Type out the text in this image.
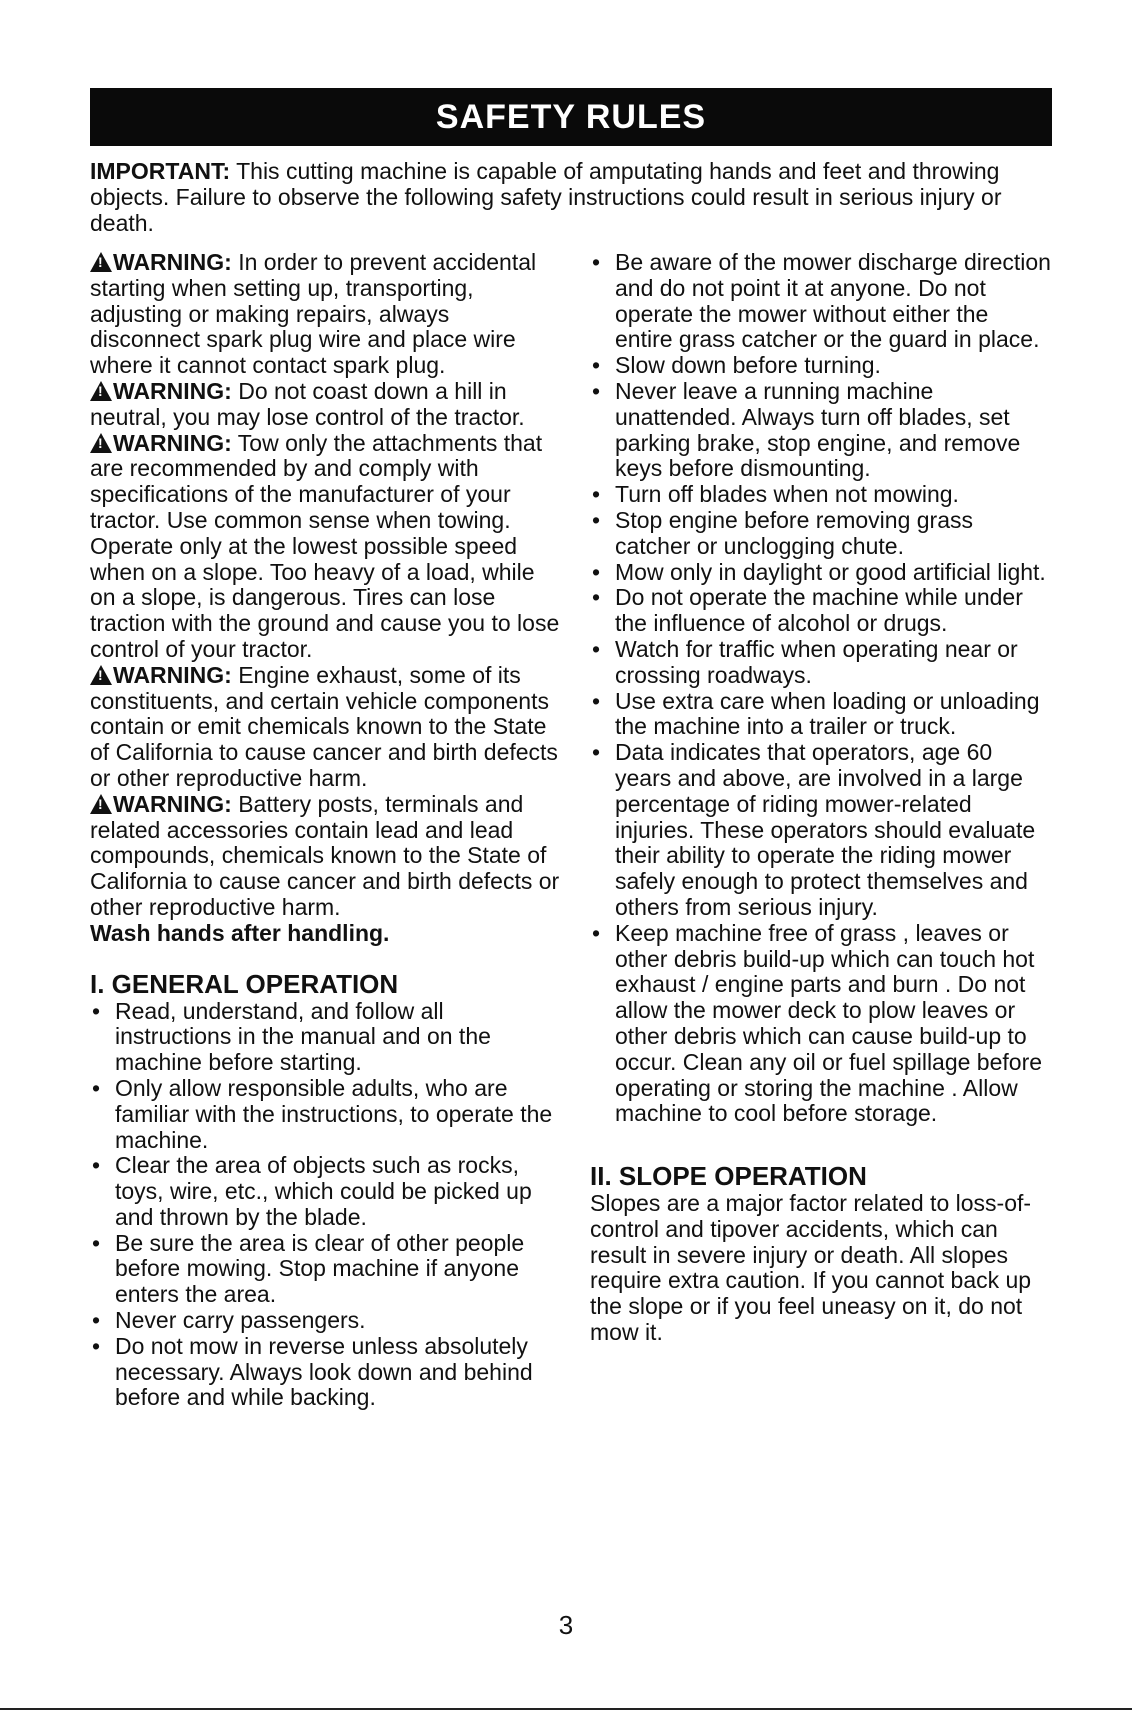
SAFETY RULES

IMPORTANT: This cutting machine is capable of amputating hands and feet and throwing objects. Failure to observe the following safety instructions could result in serious injury or death.

!WARNING: In order to prevent accidental starting when setting up, transporting, adjusting or making repairs, always disconnect spark plug wire and place wire where it cannot contact spark plug.

!WARNING: Do not coast down a hill in neutral, you may lose control of the tractor.

!WARNING: Tow only the attachments that are recommended by and comply with specifications of the manufacturer of your tractor. Use common sense when towing. Operate only at the lowest possible speed when on a slope. Too heavy of a load, while on a slope, is dangerous. Tires can lose traction with the ground and cause you to lose control of your tractor.

!WARNING: Engine exhaust, some of its constituents, and certain vehicle components contain or emit chemicals known to the State of California to cause cancer and birth defects or other reproductive harm.

!WARNING: Battery posts, terminals and related accessories contain lead and lead compounds, chemicals known to the State of California to cause cancer and birth defects or other reproductive harm.

Wash hands after handling.

I. GENERAL OPERATION
• Read, understand, and follow all instructions in the manual and on the machine before starting.
• Only allow responsible adults, who are familiar with the instructions, to operate the machine.
• Clear the area of objects such as rocks, toys, wire, etc., which could be picked up and thrown by the blade.
• Be sure the area is clear of other people before mowing. Stop machine if anyone enters the area.
• Never carry passengers.
• Do not mow in reverse unless absolutely necessary. Always look down and behind before and while backing.
• Be aware of the mower discharge direction and do not point it at anyone. Do not operate the mower without either the entire grass catcher or the guard in place.
• Slow down before turning.
• Never leave a running machine unattended. Always turn off blades, set parking brake, stop engine, and remove keys before dismounting.
• Turn off blades when not mowing.
• Stop engine before removing grass catcher or unclogging chute.
• Mow only in daylight or good artificial light.
• Do not operate the machine while under the influence of alcohol or drugs.
• Watch for traffic when operating near or crossing roadways.
• Use extra care when loading or unloading the machine into a trailer or truck.
• Data indicates that operators, age 60 years and above, are involved in a large percentage of riding mower-related injuries. These operators should evaluate their ability to operate the riding mower safely enough to protect themselves and others from serious injury.
• Keep machine free of grass , leaves or other debris build-up which can touch hot exhaust / engine parts and burn . Do not allow the mower deck to plow leaves or other debris which can cause build-up to occur. Clean any oil or fuel spillage before operating or storing the machine . Allow machine to cool before storage.
II. SLOPE OPERATION

Slopes are a major factor related to loss-of-control and tipover accidents, which can result in severe injury or death. All slopes require extra caution. If you cannot back up the slope or if you feel uneasy on it, do not mow it.

3
